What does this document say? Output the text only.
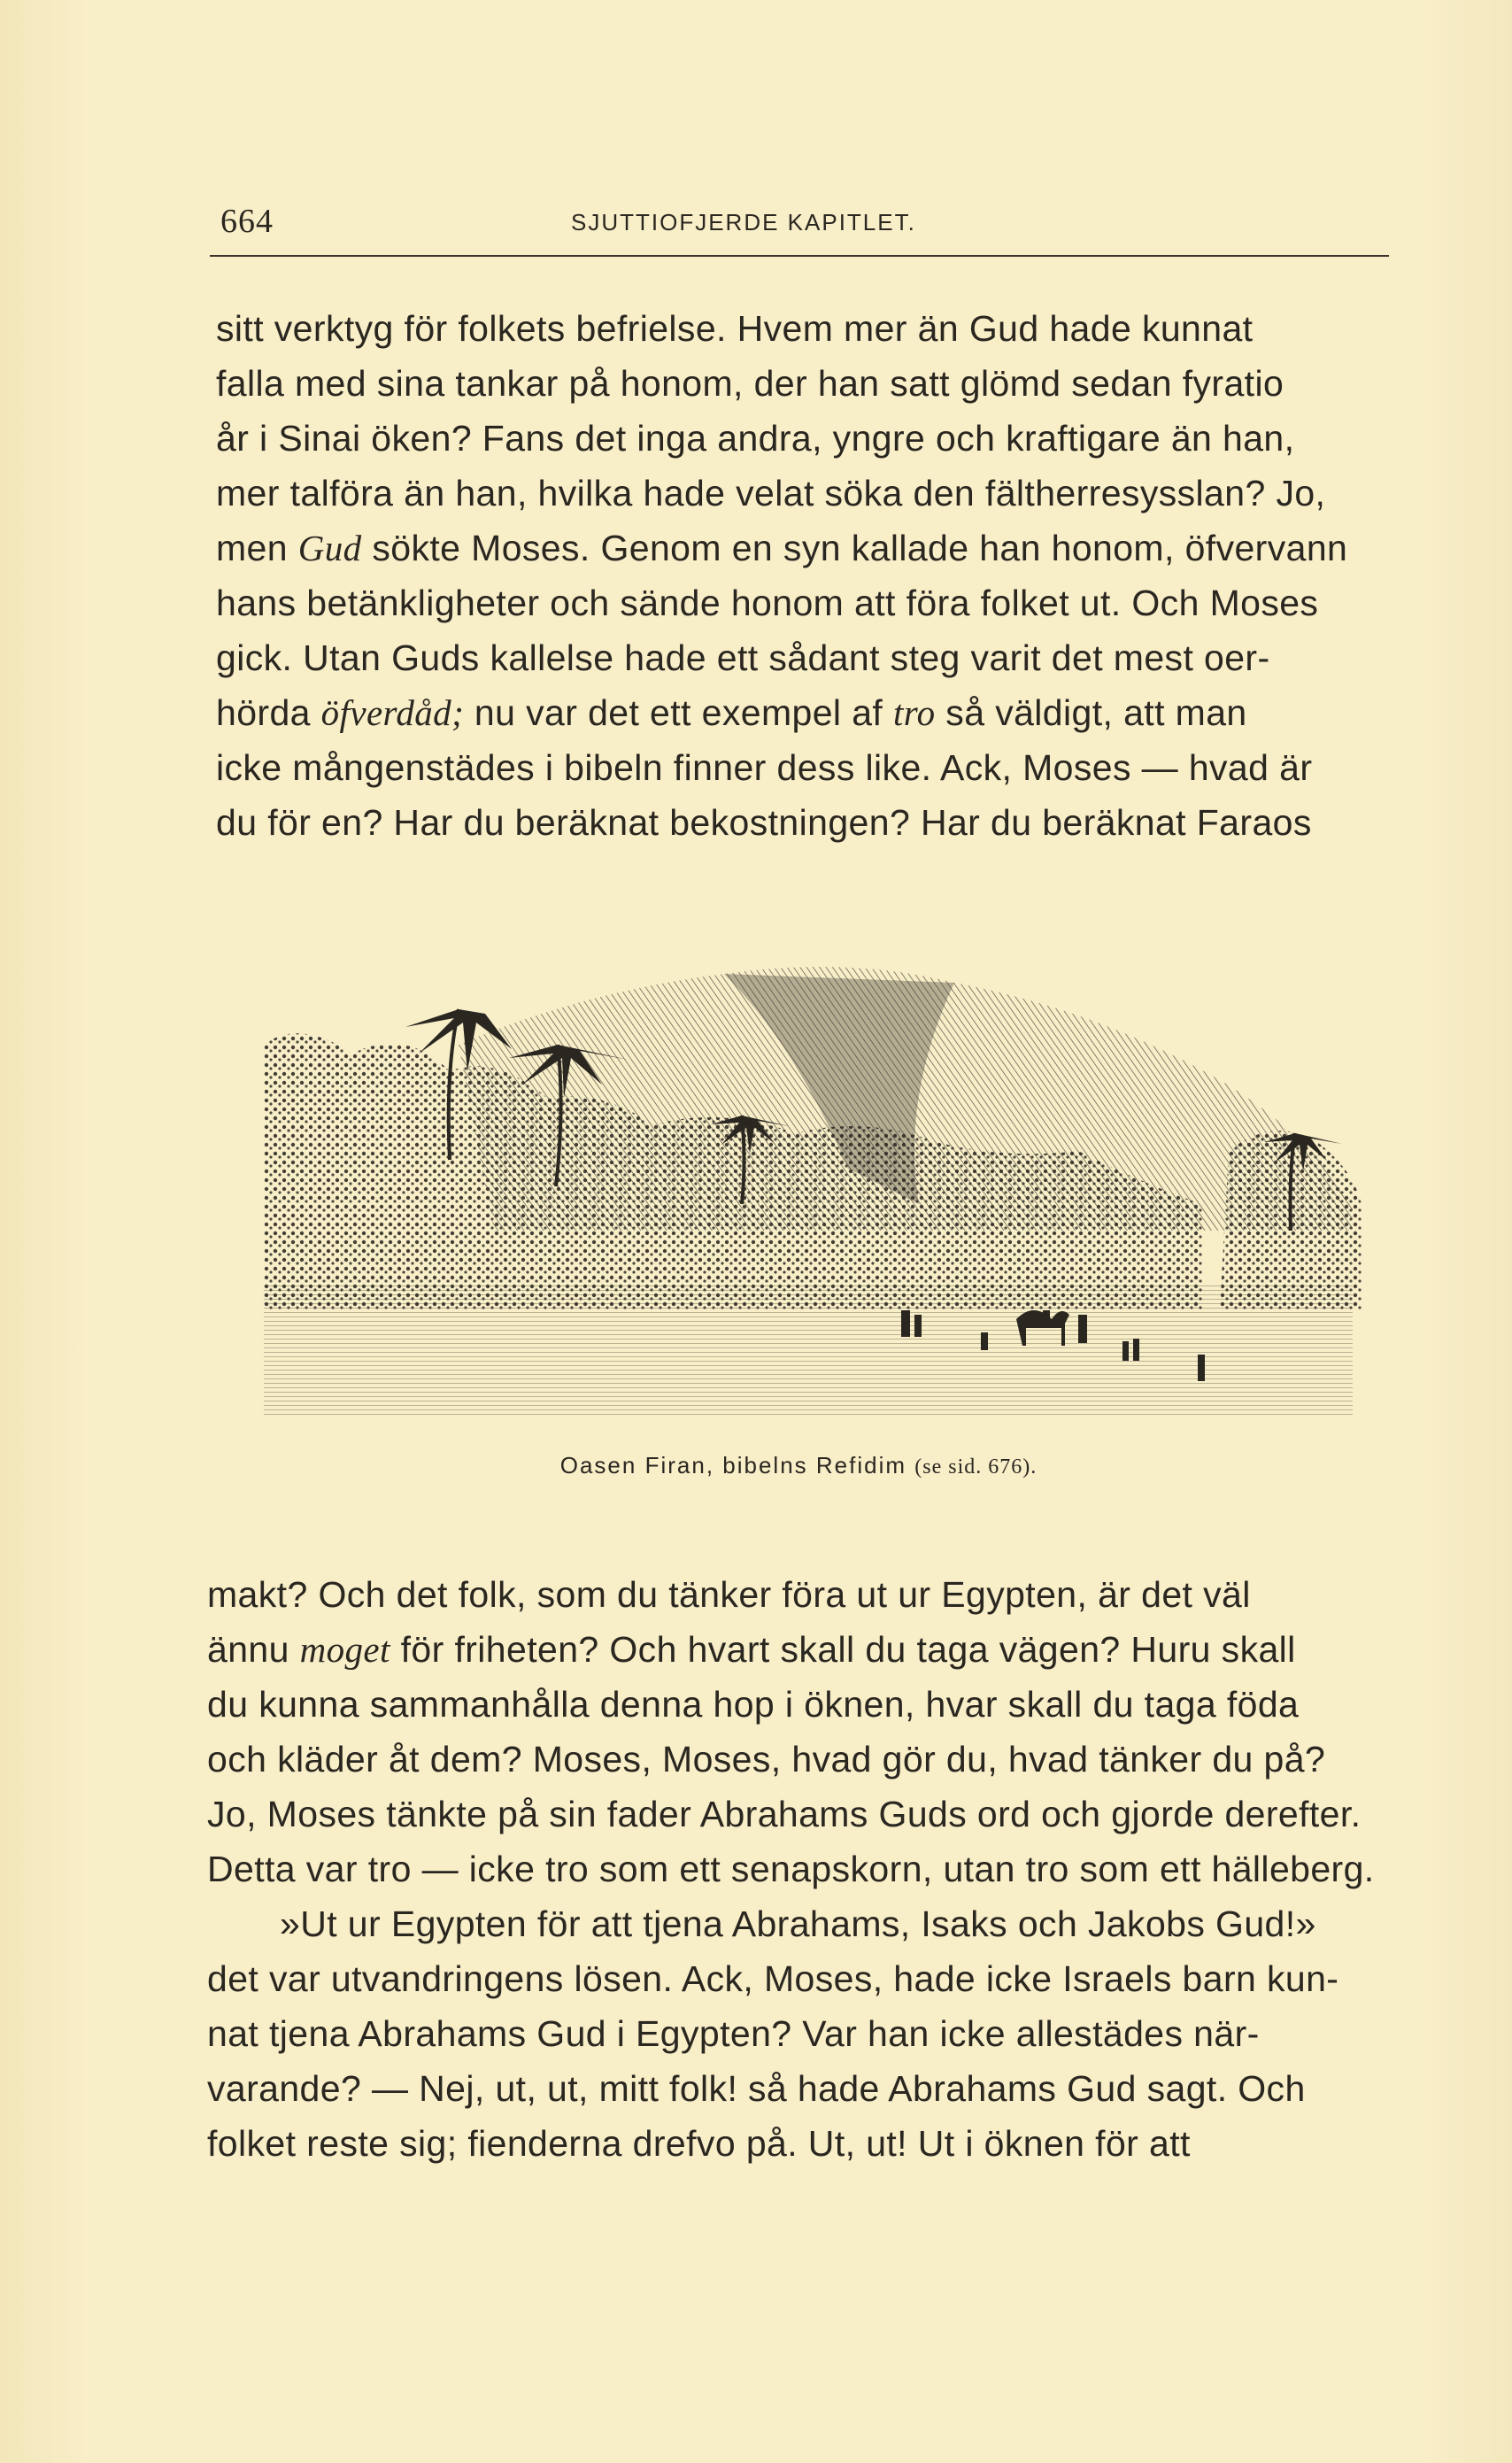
664	SJUTTIOFJERDE KAPITLET.

sitt verktyg för folkets befrielse. Hvem mer än Gud hade kunnat

falla med sina tankar på honom, der han satt glömd sedan fyratio

år i Sinai öken? Fans det inga andra, yngre och kraftigare än han,

mer talföra än han, hvilka hade velat söka den fältherresysslan? Jo,

men Gud sökte Moses. Genom en syn kallade han honom, öfvervann

hans betänkligheter och sände honom att föra folket ut. Och Moses

gick. Utan Guds kallelse hade ett sådant steg varit det mest oer-

hörda öfverdåd; nu var det ett exempel af tro så väldigt, att man

icke mångenstädes i bibeln finner dess like. Ack, Moses — hvad är

du för en? Har du beräknat bekostningen? Har du beräknat Faraos

Oasen Firan, bibelns Refidim (se sid. 676).

makt? Och det folk, som du tänker föra ut ur Egypten, är det väl

ännu moget för friheten? Och hvart skall du taga vägen? Huru skall

du kunna sammanhålla denna hop i öknen, hvar skall du taga föda

och kläder åt dem? Moses, Moses, hvad gör du, hvad tänker du på?

Jo, Moses tänkte på sin fader Abrahams Guds ord och gjorde derefter.

Detta var tro — icke tro som ett senapskorn, utan tro som ett hälleberg.

»Ut ur Egypten för att tjena Abrahams, Isaks och Jakobs Gud!»

det var utvandringens lösen. Ack, Moses, hade icke Israels barn kun-

nat tjena Abrahams Gud i Egypten? Var han icke allestädes när-

varande? — Nej, ut, ut, mitt folk! så hade Abrahams Gud sagt. Och

folket reste sig; fienderna drefvo på. Ut, ut! Ut i öknen för att
